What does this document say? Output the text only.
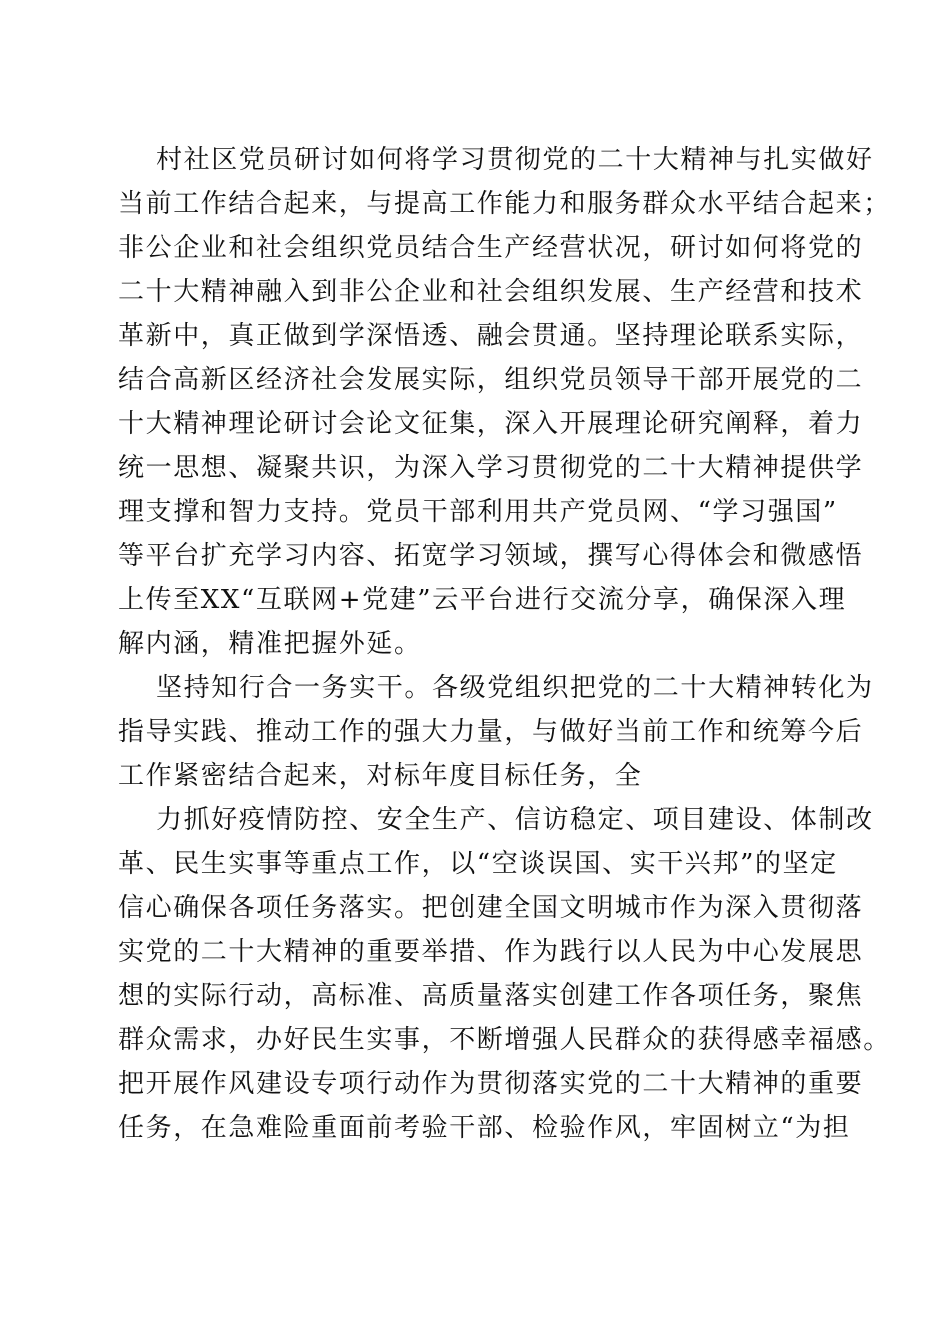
村社区党员研讨如何将学习贯彻党的二十大精神与扎实做好

当前工作结合起来，与提高工作能力和服务群众水平结合起来；

非公企业和社会组织党员结合生产经营状况，研讨如何将党的

二十大精神融入到非公企业和社会组织发展、生产经营和技术

革新中，真正做到学深悟透、融会贯通。坚持理论联系实际，

结合高新区经济社会发展实际，组织党员领导干部开展党的二

十大精神理论研讨会论文征集，深入开展理论研究阐释，着力

统一思想、凝聚共识，为深入学习贯彻党的二十大精神提供学

理支撑和智力支持。党员干部利用共产党员网、“学习强国”

等平台扩充学习内容、拓宽学习领域，撰写心得体会和微感悟

上传至XX“互联网+党建”云平台进行交流分享，确保深入理

解内涵，精准把握外延。

坚持知行合一务实干。各级党组织把党的二十大精神转化为

指导实践、推动工作的强大力量，与做好当前工作和统筹今后

工作紧密结合起来，对标年度目标任务，全

力抓好疫情防控、安全生产、信访稳定、项目建设、体制改

革、民生实事等重点工作，以“空谈误国、实干兴邦”的坚定

信心确保各项任务落实。把创建全国文明城市作为深入贯彻落

实党的二十大精神的重要举措、作为践行以人民为中心发展思

想的实际行动，高标准、高质量落实创建工作各项任务，聚焦

群众需求，办好民生实事，不断增强人民群众的获得感幸福感。

把开展作风建设专项行动作为贯彻落实党的二十大精神的重要

任务，在急难险重面前考验干部、检验作风，牢固树立“为担
